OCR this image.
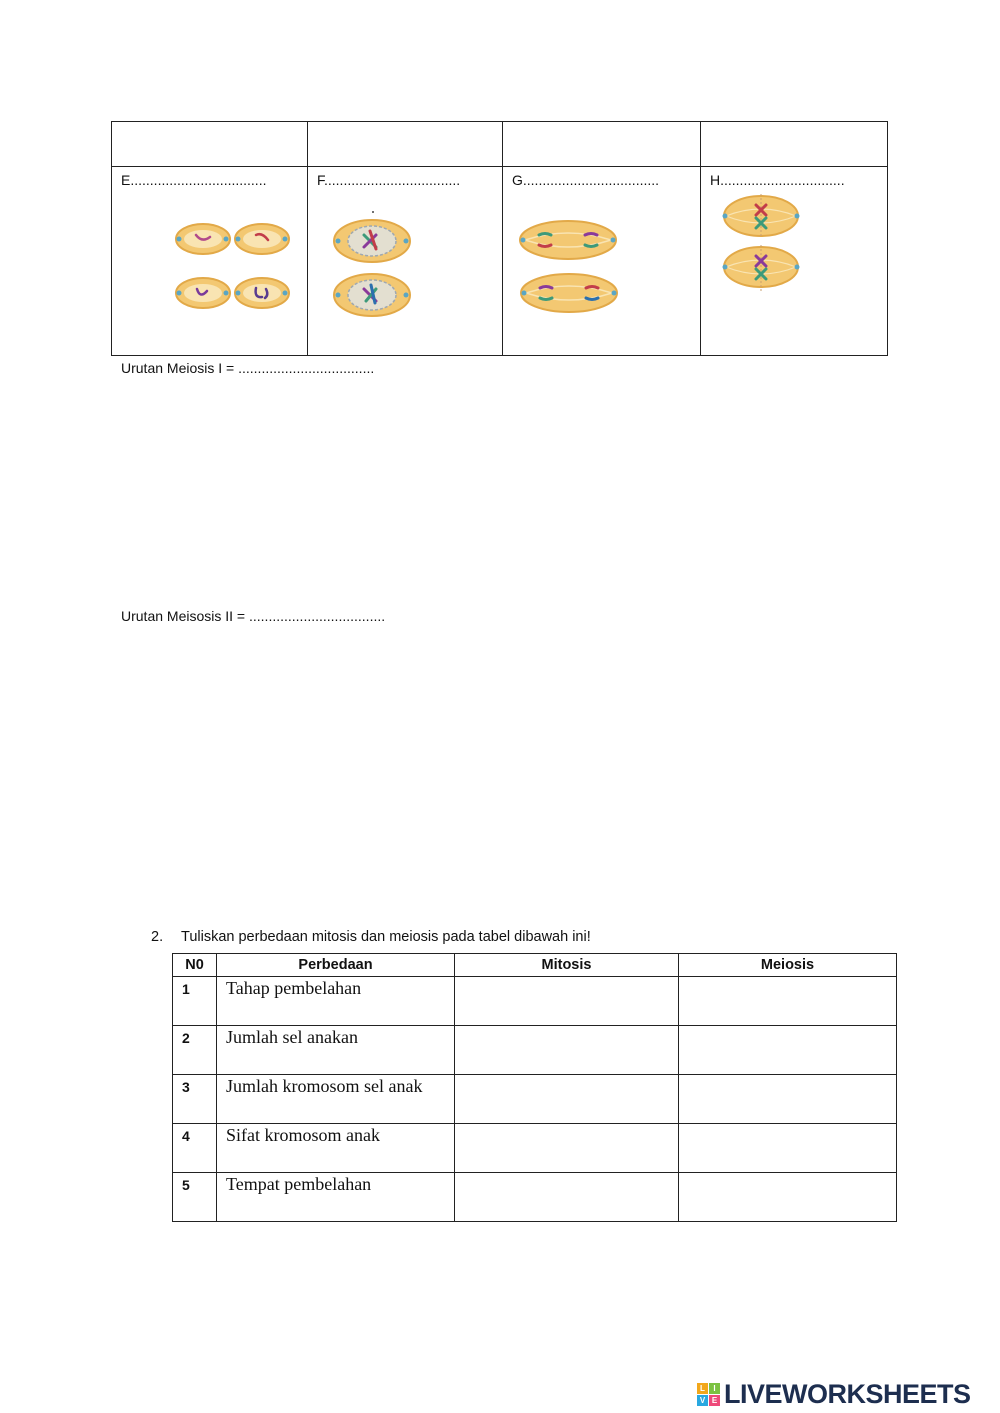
E...................................	F...................................	G...................................	H................................
Urutan Meiosis I = ...................................
Urutan Meisosis II = ...................................
2. Tuliskan perbedaan mitosis dan meiosis pada tabel dibawah ini!
N0	Perbedaan	Mitosis	Meiosis
1	Tahap pembelahan		
2	Jumlah sel anakan		
3	Jumlah kromosom sel anak		
4	Sifat kromosom anak		
5	Tempat pembelahan		
L	I
V E LIVEWORKSHEETS
